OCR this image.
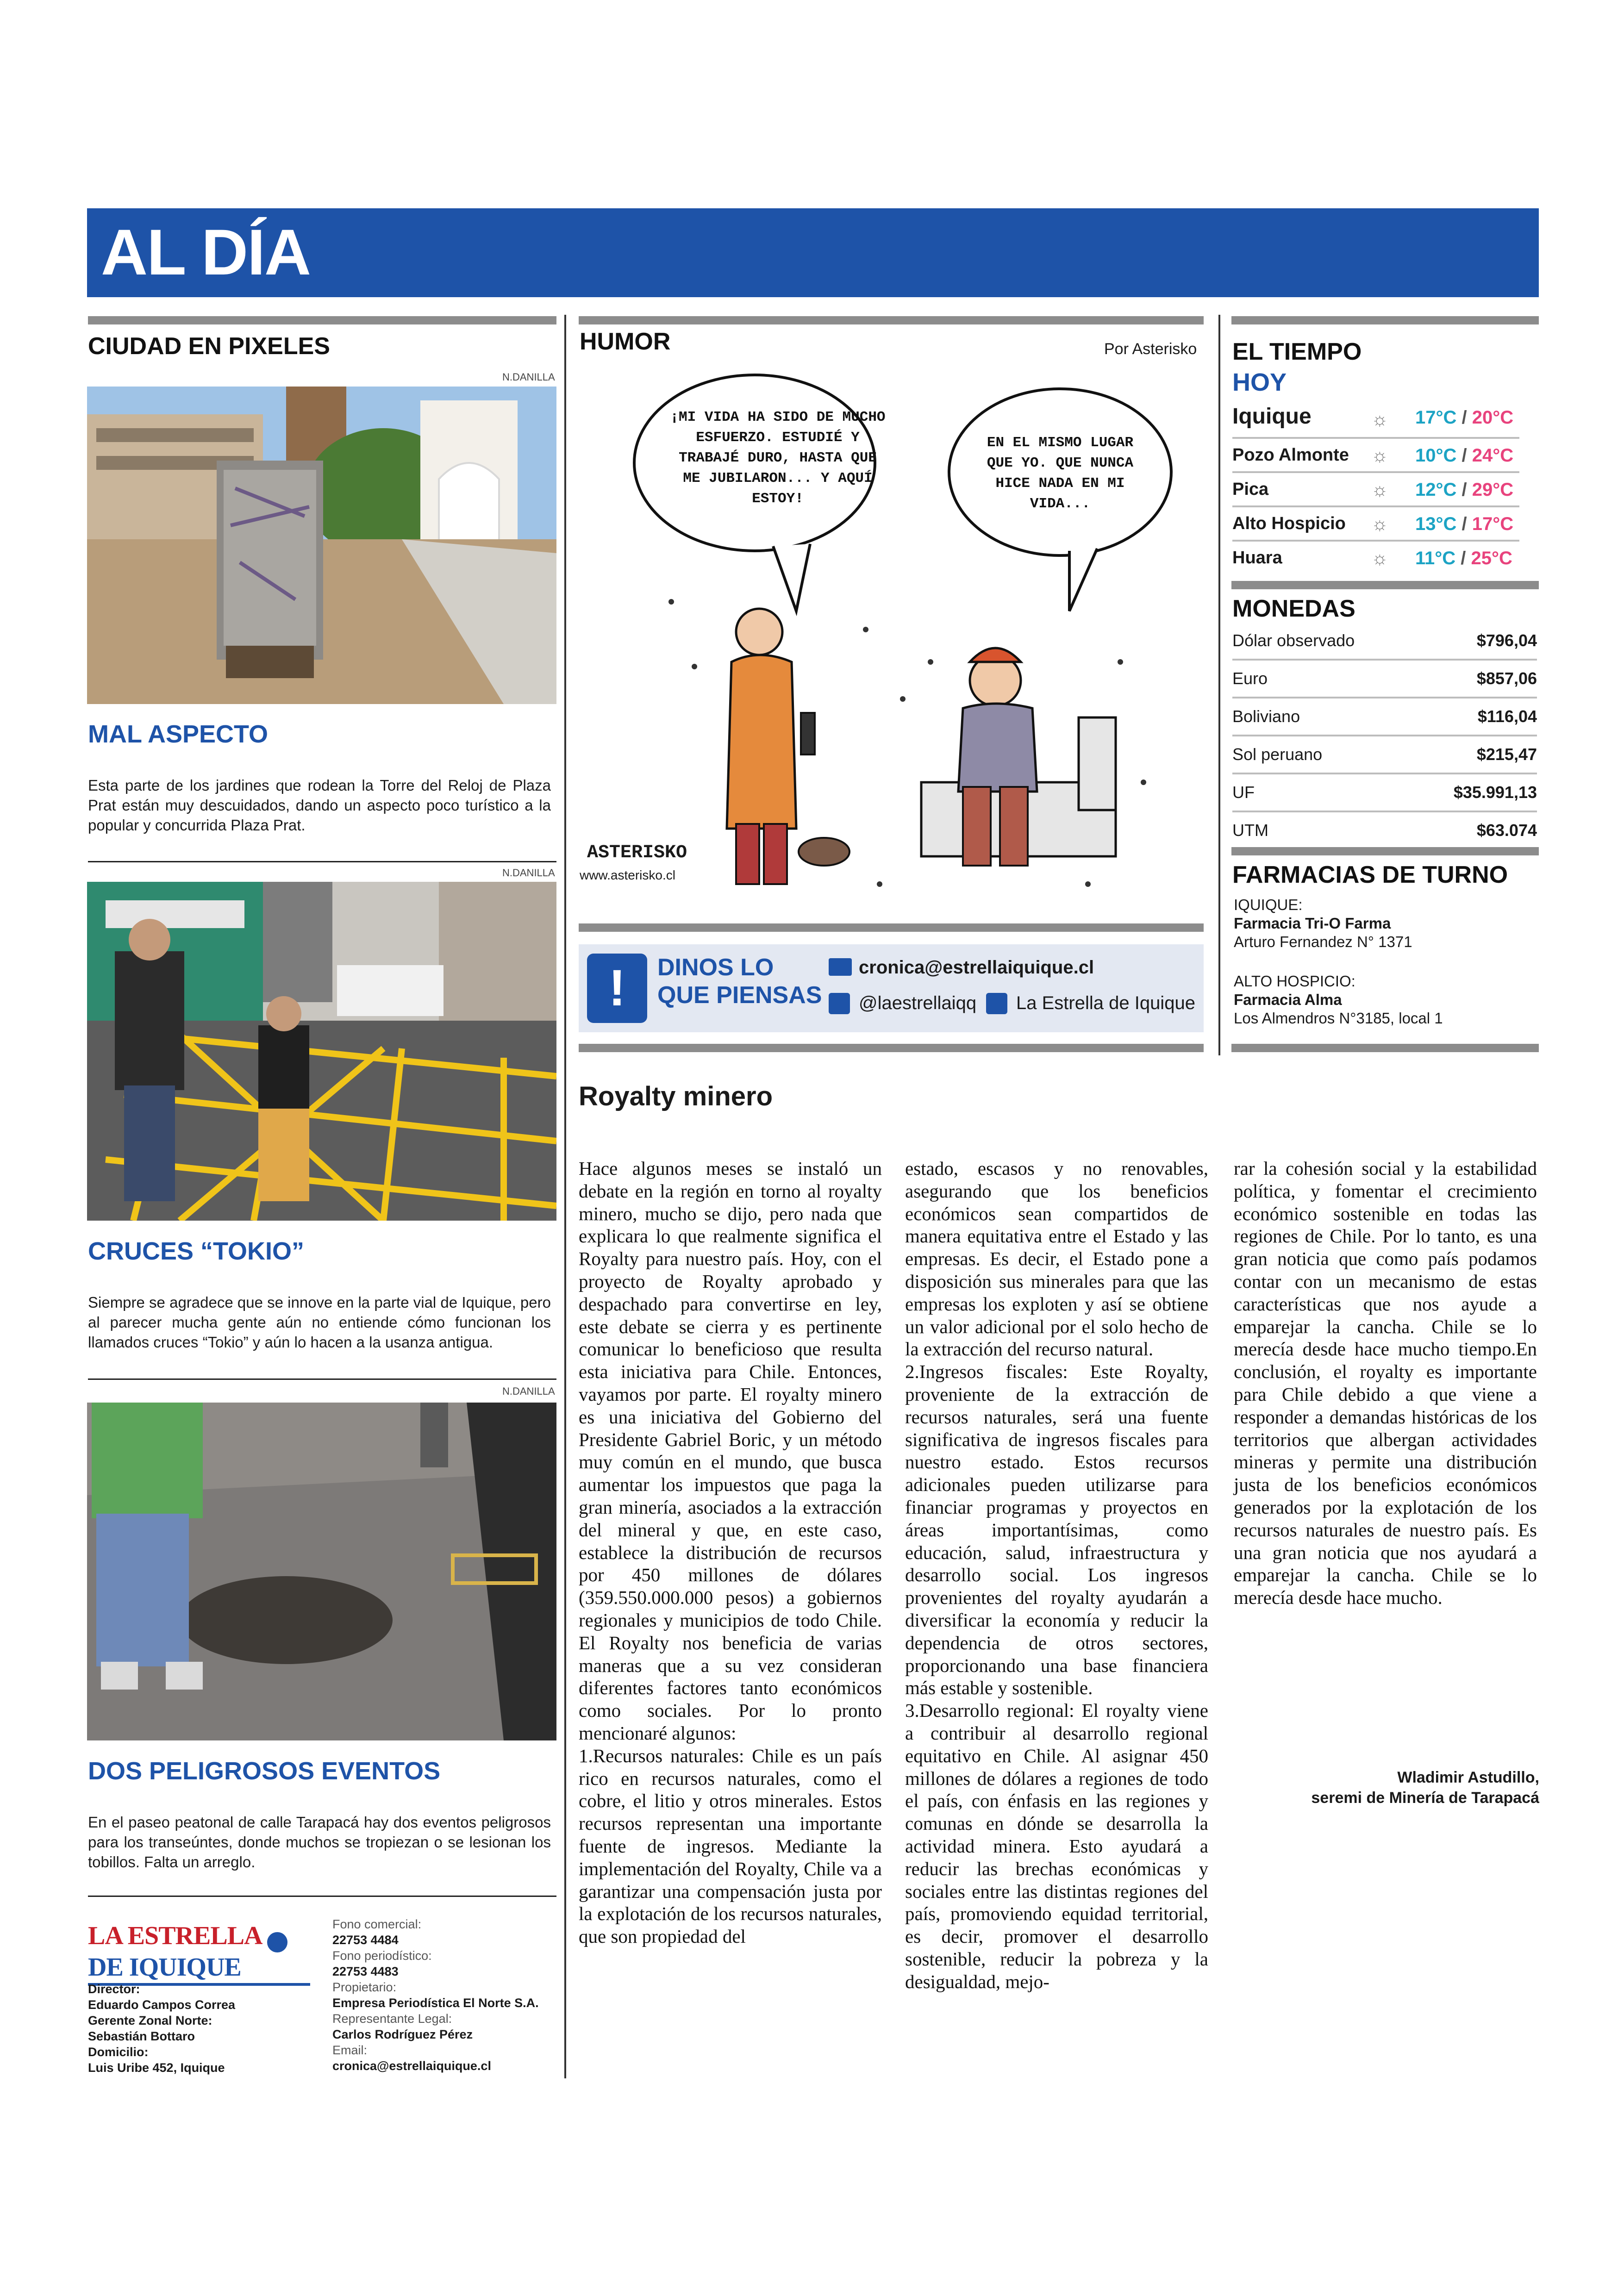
AL DÍA
CIUDAD EN PIXELES
N.DANILLA
MAL ASPECTO
Esta parte de los jardines que rodean la Torre del Reloj de Plaza Prat están muy descuidados, dando un aspecto poco turístico a la popular y concurrida Plaza Prat.
N.DANILLA
CRUCES “TOKIO”
Siempre se agradece que se innove en la parte vial de Iquique, pero al parecer mucha gente aún no entiende cómo funcionan los llamados cruces “Tokio” y aún lo hacen a la usanza antigua.
N.DANILLA
DOS PELIGROSOS EVENTOS
En el paseo peatonal de calle Tarapacá hay dos eventos peligrosos para los transeúntes, donde muchos se tropiezan o se lesionan los tobillos. Falta un arreglo.
LA ESTRELLA  DE IQUIQUE
Director:
Eduardo Campos Correa
Gerente Zonal Norte:
Sebastián Bottaro
Domicilio:
Luis Uribe 452, Iquique
Fono comercial:
22753 4484
Fono periodístico:
22753 4483
Propietario:
Empresa Periodística El Norte S.A.
Representante Legal:
Carlos Rodríguez Pérez
Email:
cronica@estrellaiquique.cl
HUMOR	Por Asterisko
¡MI VIDA HA SIDO DE MUCHO ESFUERZO. ESTUDIÉ Y TRABAJÉ DURO, HASTA QUE ME JUBILARON... Y AQUÍ ESTOY!
EN EL MISMO LUGAR QUE YO. QUE NUNCA HICE NADA EN MI VIDA...
ASTERISKO
www.asterisko.cl
!	DINOS LO
QUE PIENSAS
cronica@estrellaiquique.cl
@laestrellaiqq La Estrella de Iquique
EL TIEMPO
HOY
Iquique	☼ 17°C / 20°C
Pozo Almonte ☼ 10°C / 24°C
Pica	☼ 12°C / 29°C
Alto Hospicio ☼ 13°C / 17°C
Huara	☼ 11°C / 25°C
MONEDAS
Dólar observado	$796,04
Euro	$857,06
Boliviano	$116,04
Sol peruano	$215,47
UF	$35.991,13
UTM	$63.074
FARMACIAS DE TURNO
IQUIQUE:
Farmacia Tri-O Farma
Arturo Fernandez N° 1371
ALTO HOSPICIO:
Farmacia Alma
Los Almendros N°3185, local 1
Royalty minero
Hace algunos meses se instaló un debate en la región en torno al royalty minero, mucho se dijo, pero nada que explicara lo que realmente significa el Royalty para nuestro país. Hoy, con el proyecto de Royalty aprobado y despachado para convertirse en ley, este debate se cierra y es pertinente comunicar lo beneficioso que resulta esta iniciativa para Chile. Entonces, vayamos por parte. El royalty minero es una iniciativa del Gobierno del Presidente Gabriel Boric, y un método muy común en el mundo, que busca aumentar los impuestos que paga la gran minería, asociados a la extracción del mineral y que, en este caso, establece la distribución de recursos por 450 millones de dólares (359.550.000.000 pesos) a gobiernos regionales y municipios de todo Chile. El Royalty nos beneficia de varias maneras que a su vez consideran diferentes factores tanto económicos como sociales. Por lo pronto mencionaré algunos:
1.Recursos naturales: Chile es un país rico en recursos naturales, como el cobre, el litio y otros minerales. Estos recursos representan una importante fuente de ingresos. Mediante la implementación del Royalty, Chile va a garantizar una compensación justa por la explotación de los recursos naturales, que son propiedad del
estado, escasos y no renovables, asegurando que los beneficios económicos sean compartidos de manera equitativa entre el Estado y las empresas. Es decir, el Estado pone a disposición sus minerales para que las empresas los exploten y así se obtiene un valor adicional por el solo hecho de la extracción del recurso natural.
2.Ingresos fiscales: Este Royalty, proveniente de la extracción de recursos naturales, será una fuente significativa de ingresos fiscales para nuestro estado. Estos recursos adicionales pueden utilizarse para financiar programas y proyectos en áreas importantísimas, como educación, salud, infraestructura y desarrollo social. Los ingresos provenientes del royalty ayudarán a diversificar la economía y reducir la dependencia de otros sectores, proporcionando una base financiera más estable y sostenible.
3.Desarrollo regional: El royalty viene a contribuir al desarrollo regional equitativo en Chile. Al asignar 450 millones de dólares a regiones de todo el país, con énfasis en las regiones y comunas en dónde se desarrolla la actividad minera. Esto ayudará a reducir las brechas económicas y sociales entre las distintas regiones del país, promoviendo equidad territorial, es decir, promover el desarrollo sostenible, reducir la pobreza y la desigualdad, mejo-
rar la cohesión social y la estabilidad política, y fomentar el crecimiento económico sostenible en todas las regiones de Chile. Por lo tanto, es una gran noticia que como país podamos contar con un mecanismo de estas características que nos ayude a emparejar la cancha. Chile se lo merecía desde hace mucho tiempo.En conclusión, el royalty es importante para Chile debido a que viene a responder a demandas históricas de los territorios que albergan actividades mineras y permite una distribución justa de los beneficios económicos generados por la explotación de los recursos naturales de nuestro país. Es una gran noticia que nos ayudará a emparejar la cancha. Chile se lo merecía desde hace mucho.
Wladimir Astudillo,
seremi de Minería de Tarapacá
